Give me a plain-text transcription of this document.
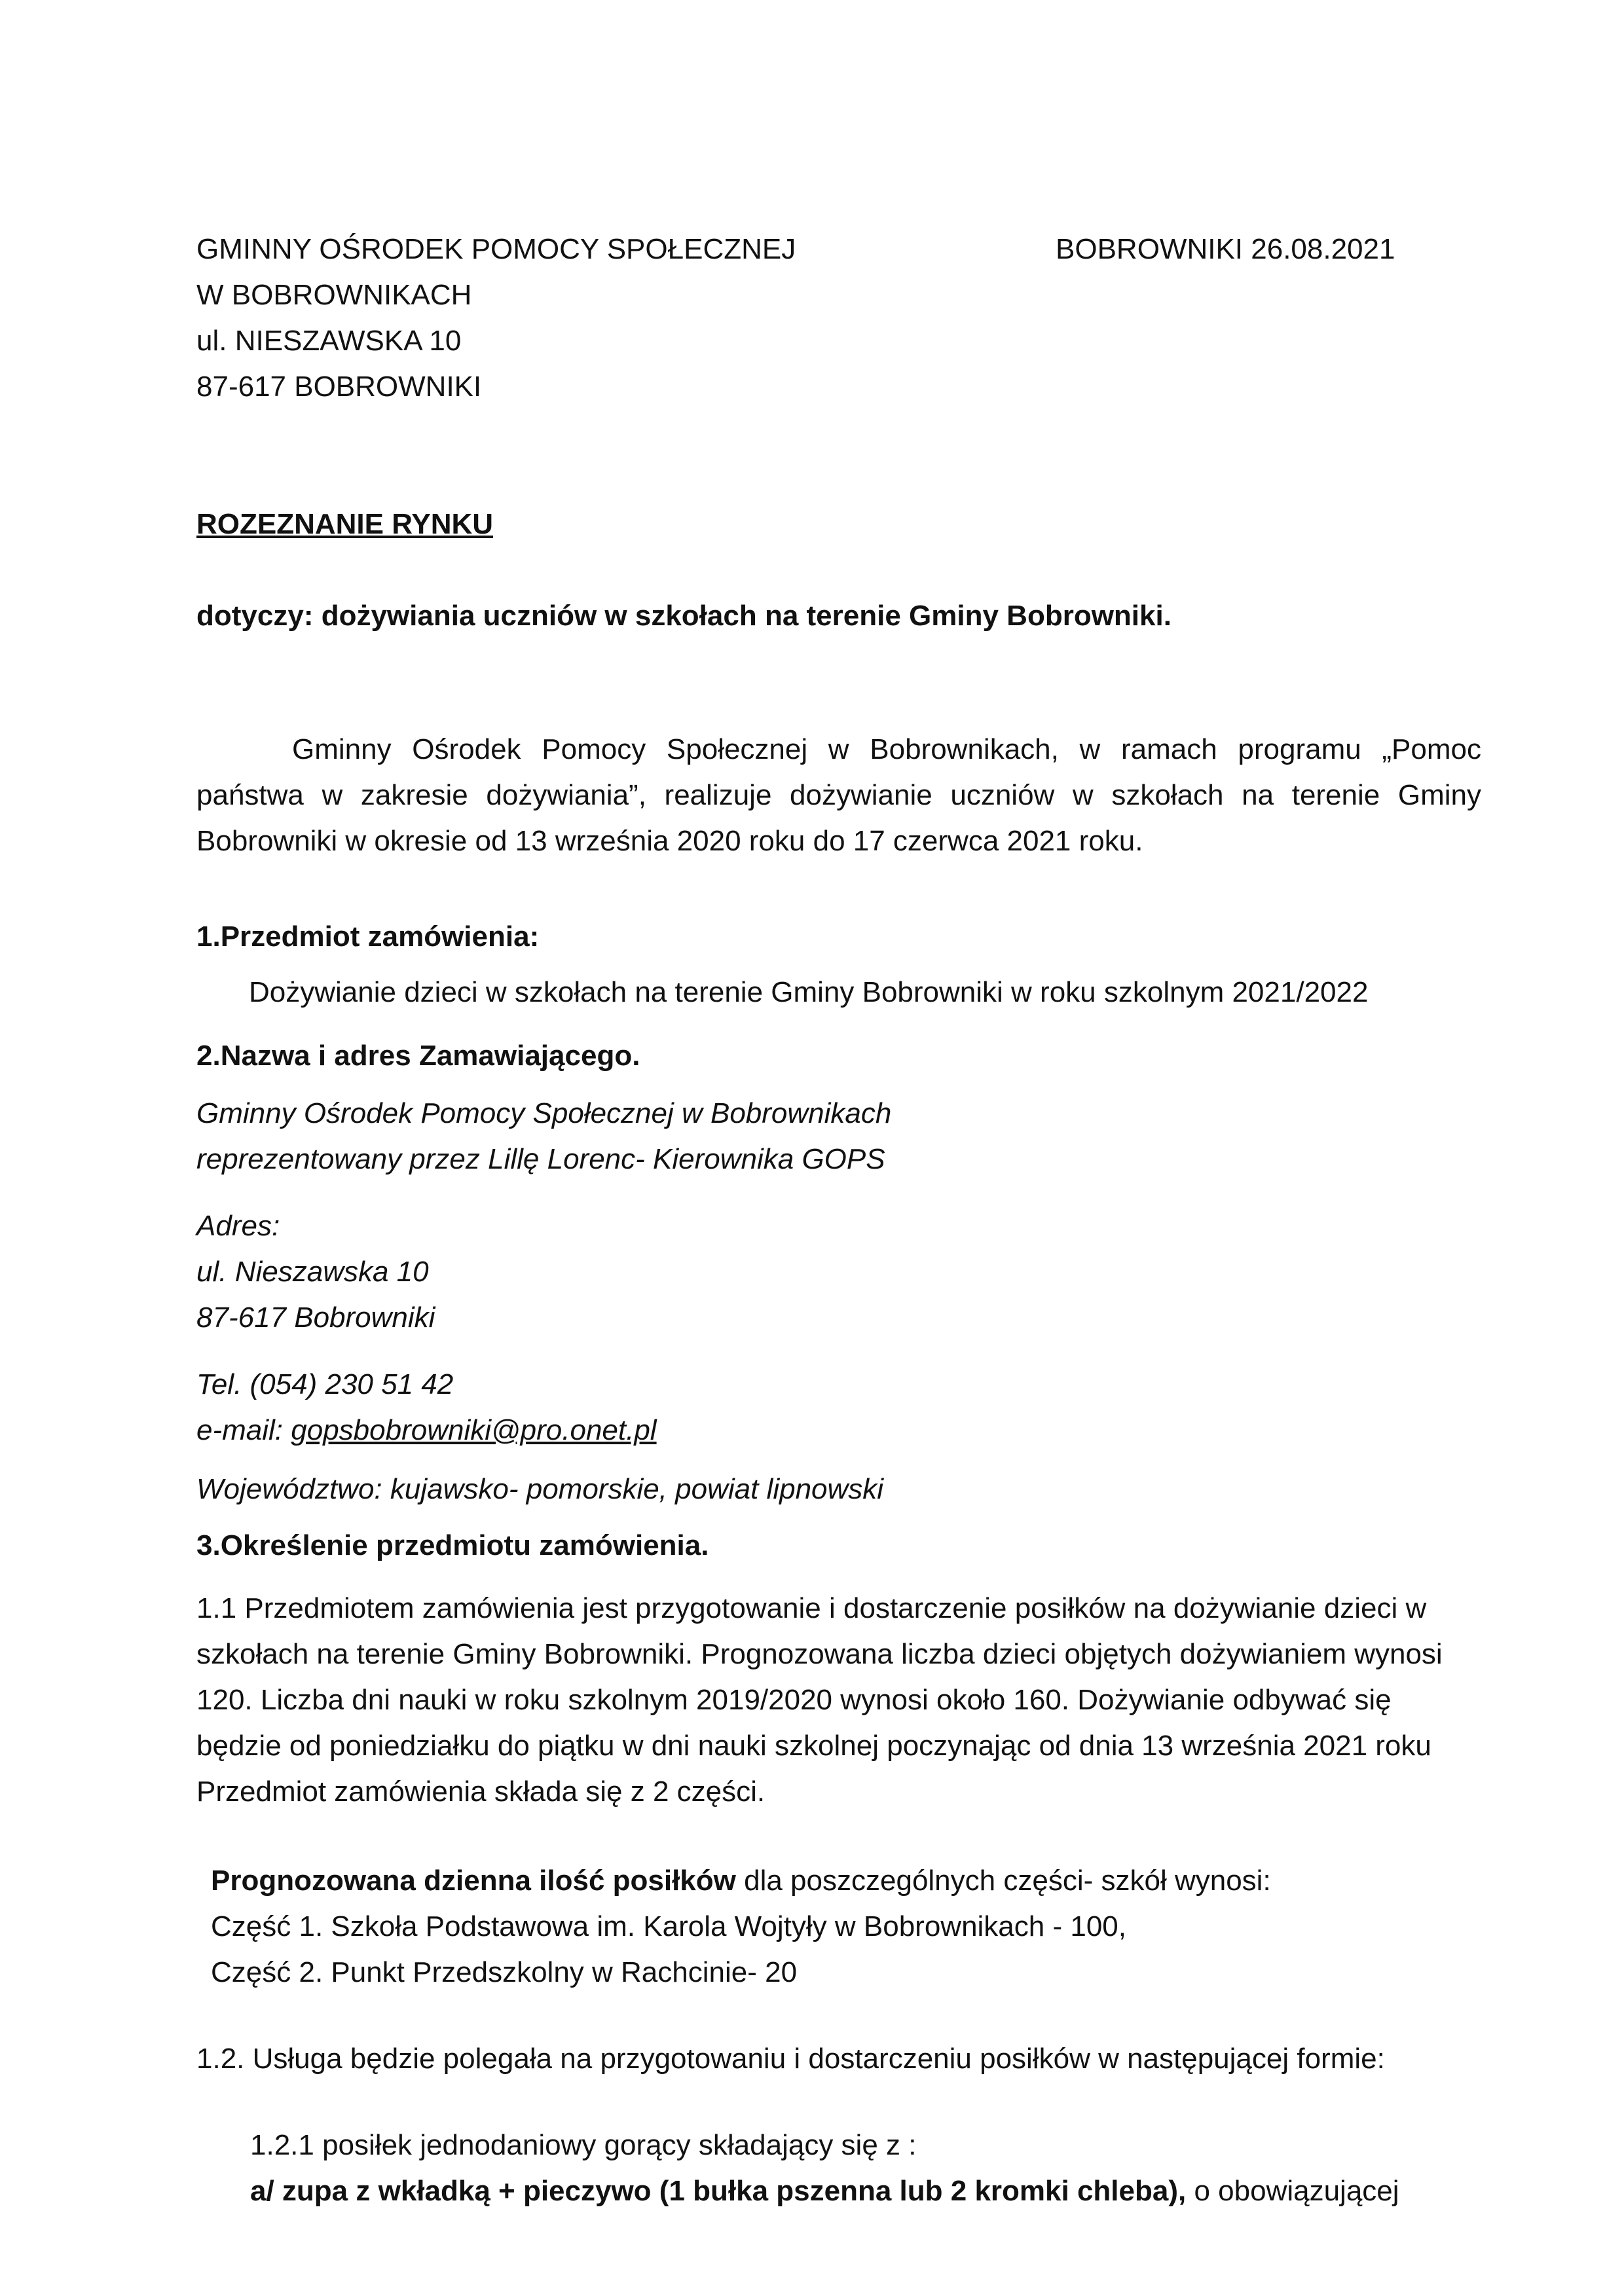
GMINNY OŚRODEK POMOCY SPOŁECZNEJ
W BOBROWNIKACH
ul. NIESZAWSKA 10
87-617 BOBROWNIKI
BOBROWNIKI 26.08.2021
ROZEZNANIE RYNKU
dotyczy: dożywiania uczniów w szkołach na terenie Gminy Bobrowniki.
Gminny Ośrodek Pomocy Społecznej w Bobrownikach, w ramach programu „Pomoc
państwa w zakresie dożywiania”, realizuje dożywianie uczniów w szkołach na terenie Gminy
Bobrowniki w okresie od 13 września 2020 roku do 17 czerwca 2021 roku.
1.Przedmiot zamówienia:
Dożywianie dzieci w szkołach na terenie Gminy Bobrowniki w roku szkolnym 2021/2022
2.Nazwa i adres Zamawiającego.
Gminny Ośrodek Pomocy Społecznej w Bobrownikach
reprezentowany przez Lillę Lorenc- Kierownika GOPS
Adres:
ul. Nieszawska 10
87-617 Bobrowniki
Tel. (054) 230 51 42
e-mail: gopsbobrowniki@pro.onet.pl
Województwo: kujawsko- pomorskie, powiat lipnowski
3.Określenie przedmiotu zamówienia.
1.1 Przedmiotem zamówienia jest przygotowanie i dostarczenie posiłków na dożywianie dzieci w
szkołach na terenie Gminy Bobrowniki. Prognozowana liczba dzieci objętych dożywianiem wynosi
120. Liczba dni nauki w roku szkolnym 2019/2020 wynosi około 160. Dożywianie odbywać się
będzie od poniedziałku do piątku w dni nauki szkolnej poczynając od dnia 13 września 2021 roku
Przedmiot zamówienia składa się z 2 części.
Prognozowana dzienna ilość posiłków dla poszczególnych części- szkół wynosi:
Część 1. Szkoła Podstawowa im. Karola Wojtyły w Bobrownikach - 100,
Część 2. Punkt Przedszkolny w Rachcinie- 20
1.2. Usługa będzie polegała na przygotowaniu i dostarczeniu posiłków w następującej formie:
1.2.1 posiłek jednodaniowy gorący składający się z :
a/ zupa z wkładką + pieczywo (1 bułka pszenna lub 2 kromki chleba), o obowiązującej
